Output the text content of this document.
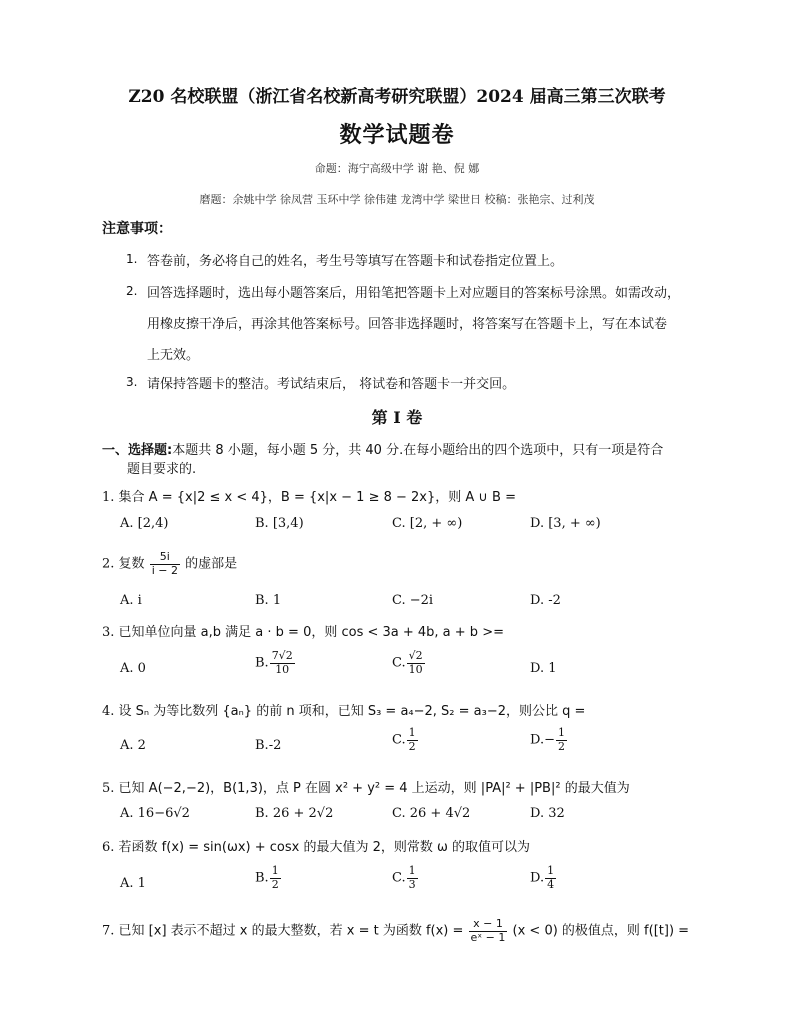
Z20 名校联盟（浙江省名校新高考研究联盟）2024 届高三第三次联考
数学试题卷
命题：海宁高级中学 谢 艳、倪 娜
磨题：余姚中学 徐凤营 玉环中学 徐伟建 龙湾中学 梁世日 校稿：张艳宗、过利茂
注意事项：
1. 答卷前，务必将自己的姓名，考生号等填写在答题卡和试卷指定位置上。
2. 回答选择题时，选出每小题答案后，用铅笔把答题卡上对应题目的答案标号涂黑。如需改动，
用橡皮擦干净后，再涂其他答案标号。回答非选择题时，将答案写在答题卡上，写在本试卷
上无效。
3. 请保持答题卡的整洁。考试结束后， 将试卷和答题卡一并交回。
第 I 卷
一、选择题:本题共 8 小题，每小题 5 分，共 40 分.在每小题给出的四个选项中，只有一项是符合
题目要求的.
1. 集合 A = {x|2 ≤ x < 4}，B = {x|x − 1 ≥ 8 − 2x}，则 A ∪ B =
A. [2,4)	B. [3,4)	C. [2, + ∞)	D. [3, + ∞)
2. 复数 $\frac{5i}{i - 2}$ 的虚部是
A. i	B. 1	C. −2i	D. -2
3. 已知单位向量 a,b 满足 a · b = 0，则 cos < 3a + 4b, a + b >=
A. 0	B. $\frac{7√2}{10}$	C. $\frac{√2}{10}$	D. 1
4. 设 Sₙ 为等比数列 {aₙ} 的前 n 项和，已知 S₃ = a₄−2, S₂ = a₃−2，则公比 q =
A. 2	B.-2	C. $\frac{1}{2}$	$D.- \frac{1}{2}$
5. 已知 A(−2,−2)，B(1,3)，点 P 在圆 x² + y² = 4 上运动，则 |PA|² + |PB|² 的最大值为
A. 16−6√2	B. 26 + 2√2	C. 26 + 4√2	D. 32
6. 若函数 f(x) = sin(ωx) + cosx 的最大值为 2，则常数 ω 的取值可以为
A. 1	B. $\frac{1}{2}$	C. $\frac{1}{3}$	D. $\frac{1}{4}$
7. 已知 [x] 表示不超过 x 的最大整数，若 x = t 为函数 $f(x) = \frac{x - 1}{\text{eˣ − 1}} (x < 0)$ 的极值点，则 f([t]) =
